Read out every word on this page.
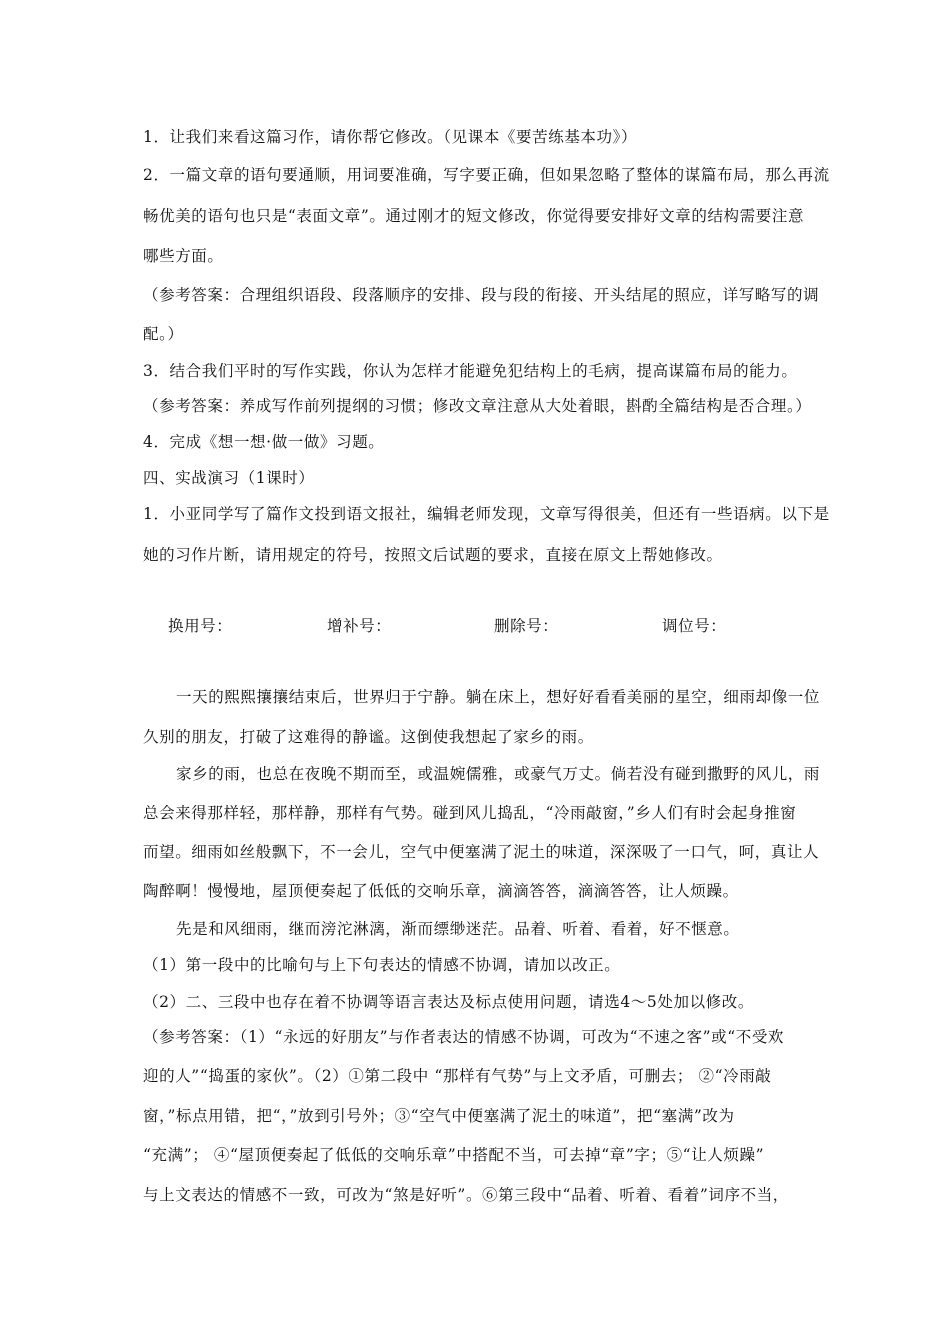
1．让我们来看这篇习作，请你帮它修改。（见课本《要苦练基本功》）
2．一篇文章的语句要通顺，用词要准确，写字要正确，但如果忽略了整体的谋篇布局，那么再流
畅优美的语句也只是“表面文章”。通过刚才的短文修改，你觉得要安排好文章的结构需要注意
哪些方面。
（参考答案：合理组织语段、段落顺序的安排、段与段的衔接、开头结尾的照应，详写略写的调
配。）
3．结合我们平时的写作实践，你认为怎样才能避免犯结构上的毛病，提高谋篇布局的能力。
（参考答案：养成写作前列提纲的习惯；修改文章注意从大处着眼，斟酌全篇结构是否合理。）
4．完成《想一想·做一做》习题。
四、实战演习（1课时）
1．小亚同学写了篇作文投到语文报社，编辑老师发现，文章写得很美，但还有一些语病。以下是
她的习作片断，请用规定的符号，按照文后试题的要求，直接在原文上帮她修改。
换用号：	增补号：	删除号：	调位号：
一天的熙熙攘攘结束后，世界归于宁静。躺在床上，想好好看看美丽的星空，细雨却像一位
久别的朋友，打破了这难得的静谧。这倒使我想起了家乡的雨。
家乡的雨，也总在夜晚不期而至，或温婉儒雅，或豪气万丈。倘若没有碰到撒野的风儿，雨
总会来得那样轻，那样静，那样有气势。碰到风儿捣乱，“冷雨敲窗，”乡人们有时会起身推窗
而望。细雨如丝般飘下，不一会儿，空气中便塞满了泥土的味道，深深吸了一口气，呵，真让人
陶醉啊！慢慢地，屋顶便奏起了低低的交响乐章，滴滴答答，滴滴答答，让人烦躁。
先是和风细雨，继而滂沱淋漓，渐而缥缈迷茫。品着、听着、看着，好不惬意。
（1）第一段中的比喻句与上下句表达的情感不协调，请加以改正。
（2）二、三段中也存在着不协调等语言表达及标点使用问题，请选4～5处加以修改。
（参考答案：（1）“永远的好朋友”与作者表达的情感不协调，可改为“不速之客”或“不受欢
迎的人”“捣蛋的家伙”。（2）①第二段中 “那样有气势”与上文矛盾，可删去； ②“冷雨敲
窗，”标点用错，把“，”放到引号外；③“空气中便塞满了泥土的味道”，把“塞满”改为
“充满”； ④“屋顶便奏起了低低的交响乐章”中搭配不当，可去掉“章”字；⑤“让人烦躁”
与上文表达的情感不一致，可改为“煞是好听”。⑥第三段中“品着、听着、看着”词序不当，
